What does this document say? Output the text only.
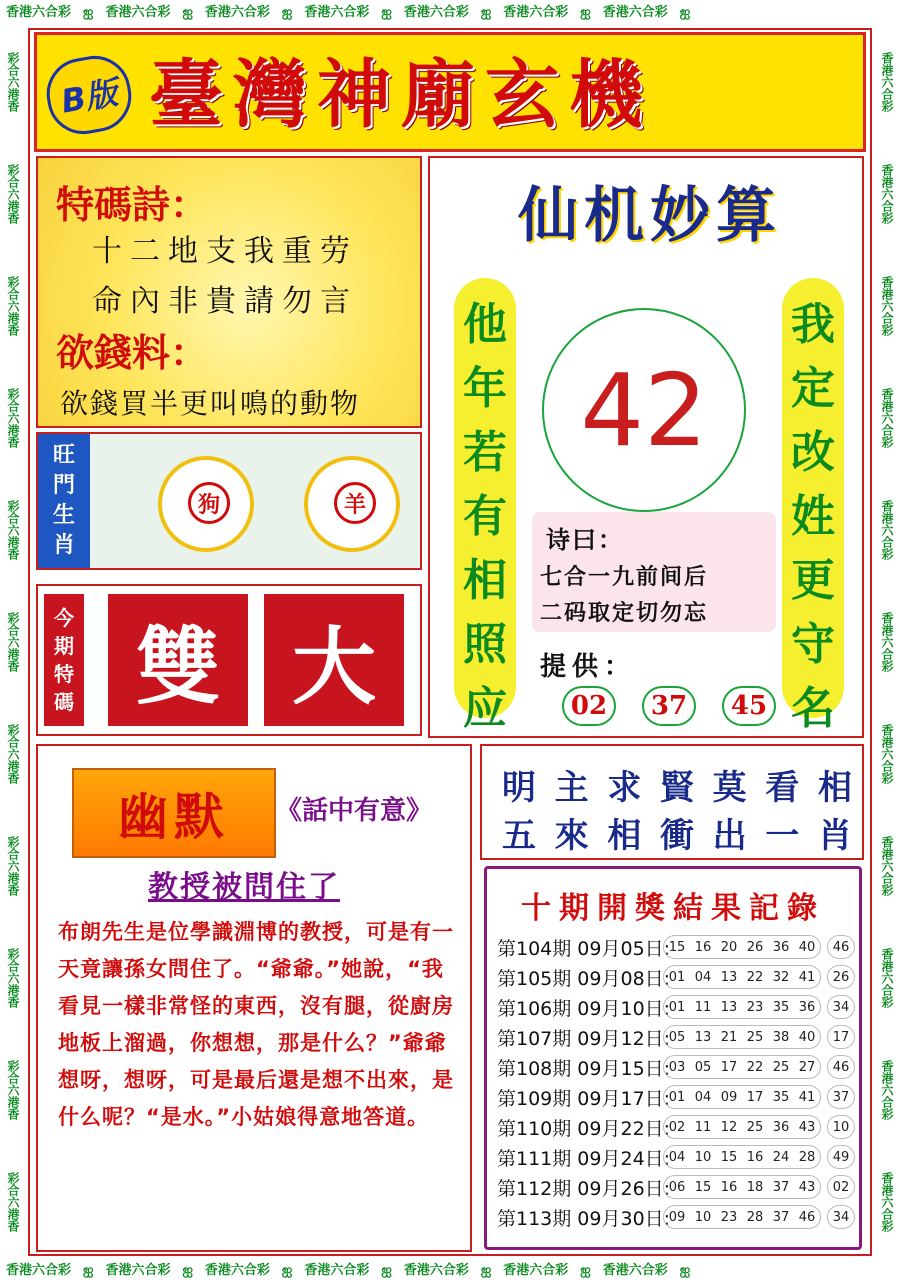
香港六合彩 ஐ 香港六合彩 ஐ 香港六合彩 ஐ 香港六合彩 ஐ 香港六合彩 ஐ 香港六合彩 ஐ 香港六合彩 ஐ
香港六合彩 ஐ 香港六合彩 ஐ 香港六合彩 ஐ 香港六合彩 ஐ 香港六合彩 ஐ 香港六合彩 ஐ 香港六合彩 ஐ
彩合六港香
彩合六港香
彩合六港香
彩合六港香
彩合六港香
彩合六港香
彩合六港香
彩合六港香
彩合六港香
彩合六港香
彩合六港香
香港六合彩
香港六合彩
香港六合彩
香港六合彩
香港六合彩
香港六合彩
香港六合彩
香港六合彩
香港六合彩
香港六合彩
香港六合彩
B版 臺灣神廟玄機
特碼詩：
十二地支我重劳
命內非貴請勿言
欲錢料：
欲錢買半更叫鳴的動物
旺
門
生
肖
狗	羊
今
期
特
碼 雙 大
仙机妙算
他
年
若
有
相
照
应
我
定
改
姓
更
守
名
42
诗曰：
七合一九前间后
二码取定切勿忘
提供：
02	37	45
幽默	《話中有意》
教授被問住了
布朗先生是位學識淵博的教授，可是有一天竟讓孫女問住了。“爺爺。”她說，“我看見一樣非常怪的東西，沒有腿，從廚房地板上溜過，你想想，那是什么？”爺爺想呀，想呀，可是最后還是想不出來，是什么呢？“是水。”小姑娘得意地答道。
明 主 求 賢 莫 看 相
五 來 相 衝 出 一 肖
十期開獎結果記錄
第104期 09月05日:
15 16 20 26 36 40	46
第105期 09月08日:
01 04 13 22 32 41	26
第106期 09月10日:
01 11 13 23 35 36	34
第107期 09月12日:
05 13 21 25 38 40	17
第108期 09月15日:
03 05 17 22 25 27	46
第109期 09月17日:
01 04 09 17 35 41	37
第110期 09月22日:
02 11 12 25 36 43	10
第111期 09月24日:
04 10 15 16 24 28	49
第112期 09月26日:
06 15 16 18 37 43	02
第113期 09月30日:
09 10 23 28 37 46	34
